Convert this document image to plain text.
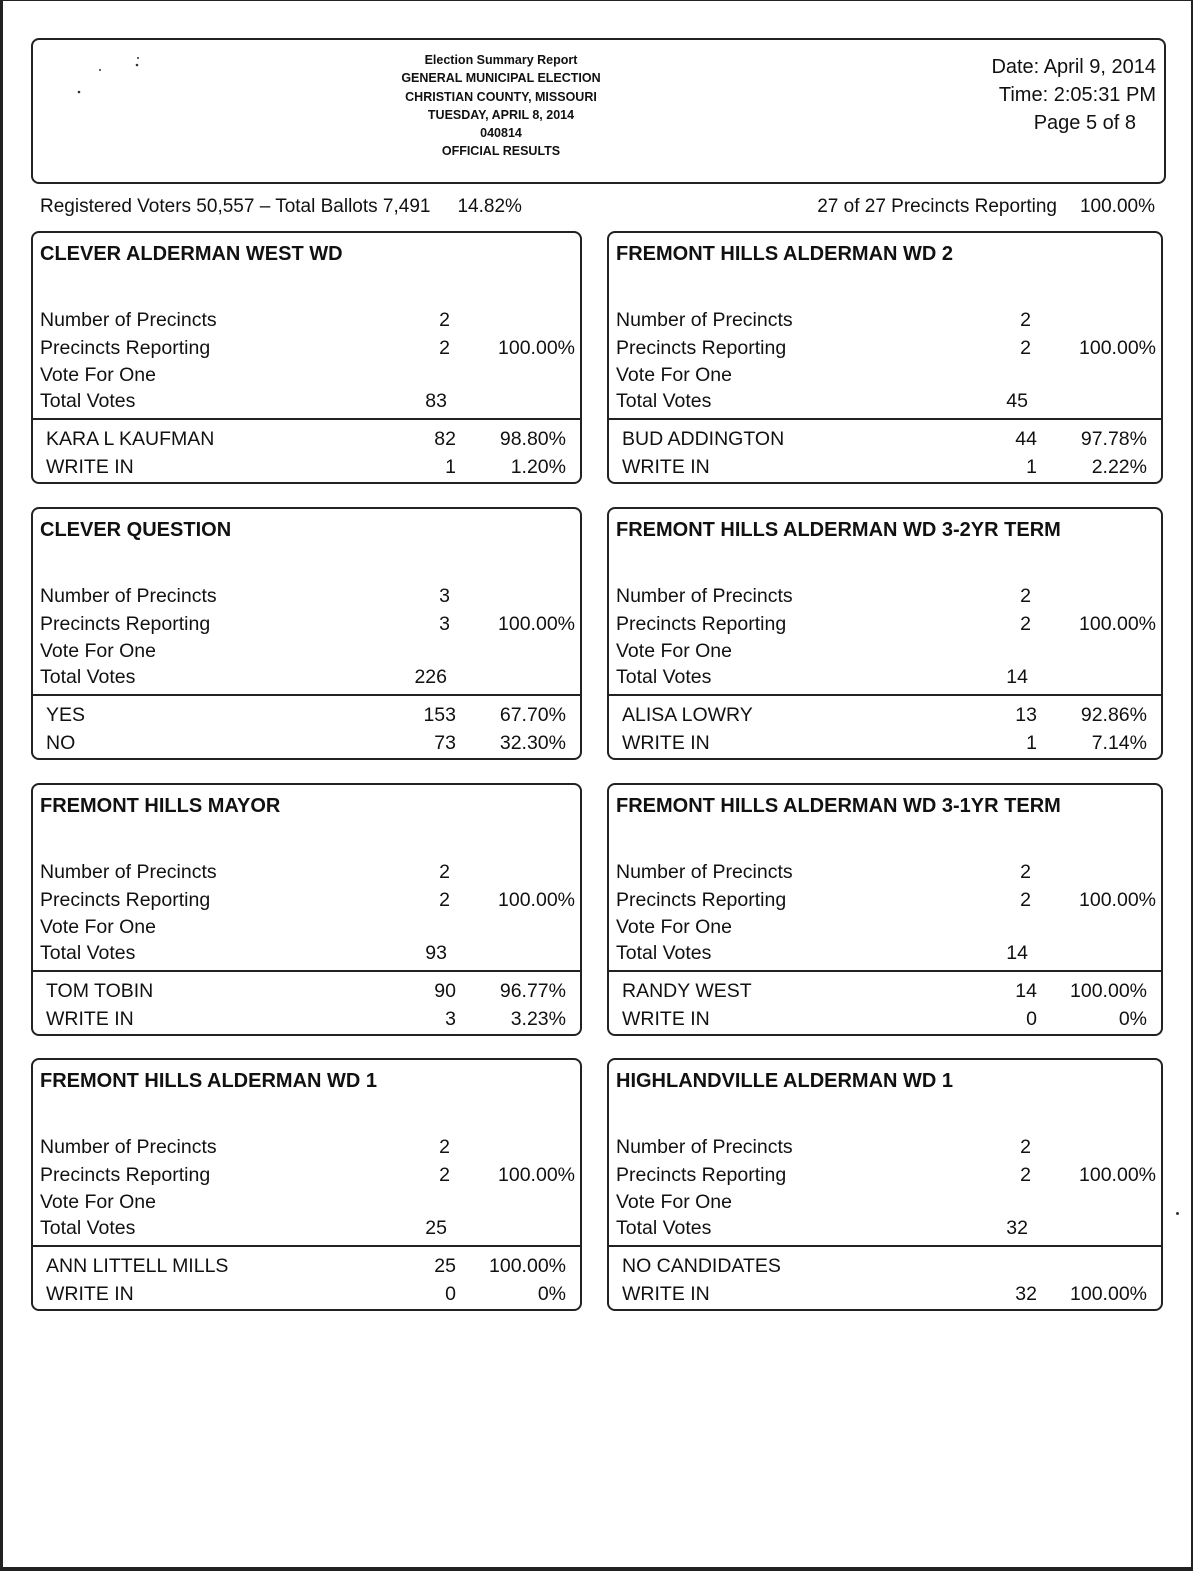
Election Summary Report
GENERAL MUNICIPAL ELECTION
CHRISTIAN COUNTY, MISSOURI
TUESDAY, APRIL 8, 2014
040814
OFFICIAL RESULTS
Date: April 9, 2014
Time: 2:05:31 PM
Page 5 of 8
Registered Voters 50,557 – Total Ballots 7,491 14.82%	27 of 27 Precincts Reporting 100.00%
CLEVER ALDERMAN WEST WD
Number of Precincts	2
Precincts Reporting	2 100.00%
Vote For One
Total Votes	83
KARA L KAUFMAN	82 98.80%
WRITE IN	1	1.20%
FREMONT HILLS ALDERMAN WD 2
Number of Precincts	2
Precincts Reporting	2 100.00%
Vote For One
Total Votes	45
BUD ADDINGTON	44 97.78%
WRITE IN	1	2.22%
CLEVER QUESTION
Number of Precincts	3
Precincts Reporting	3 100.00%
Vote For One
Total Votes	226
YES	153 67.70%
NO	73 32.30%
FREMONT HILLS ALDERMAN WD 3-2YR TERM
Number of Precincts	2
Precincts Reporting	2 100.00%
Vote For One
Total Votes	14
ALISA LOWRY	13 92.86%
WRITE IN	1	7.14%
FREMONT HILLS MAYOR
Number of Precincts	2
Precincts Reporting	2 100.00%
Vote For One
Total Votes	93
TOM TOBIN	90 96.77%
WRITE IN	3	3.23%
FREMONT HILLS ALDERMAN WD 3-1YR TERM
Number of Precincts	2
Precincts Reporting	2 100.00%
Vote For One
Total Votes	14
RANDY WEST	14 100.00%
WRITE IN	0	0%
FREMONT HILLS ALDERMAN WD 1
Number of Precincts	2
Precincts Reporting	2 100.00%
Vote For One
Total Votes	25
ANN LITTELL MILLS	25 100.00%
WRITE IN	0	0%
HIGHLANDVILLE ALDERMAN WD 1
Number of Precincts	2
Precincts Reporting	2 100.00%
Vote For One
Total Votes	32
NO CANDIDATES
WRITE IN	32 100.00%
